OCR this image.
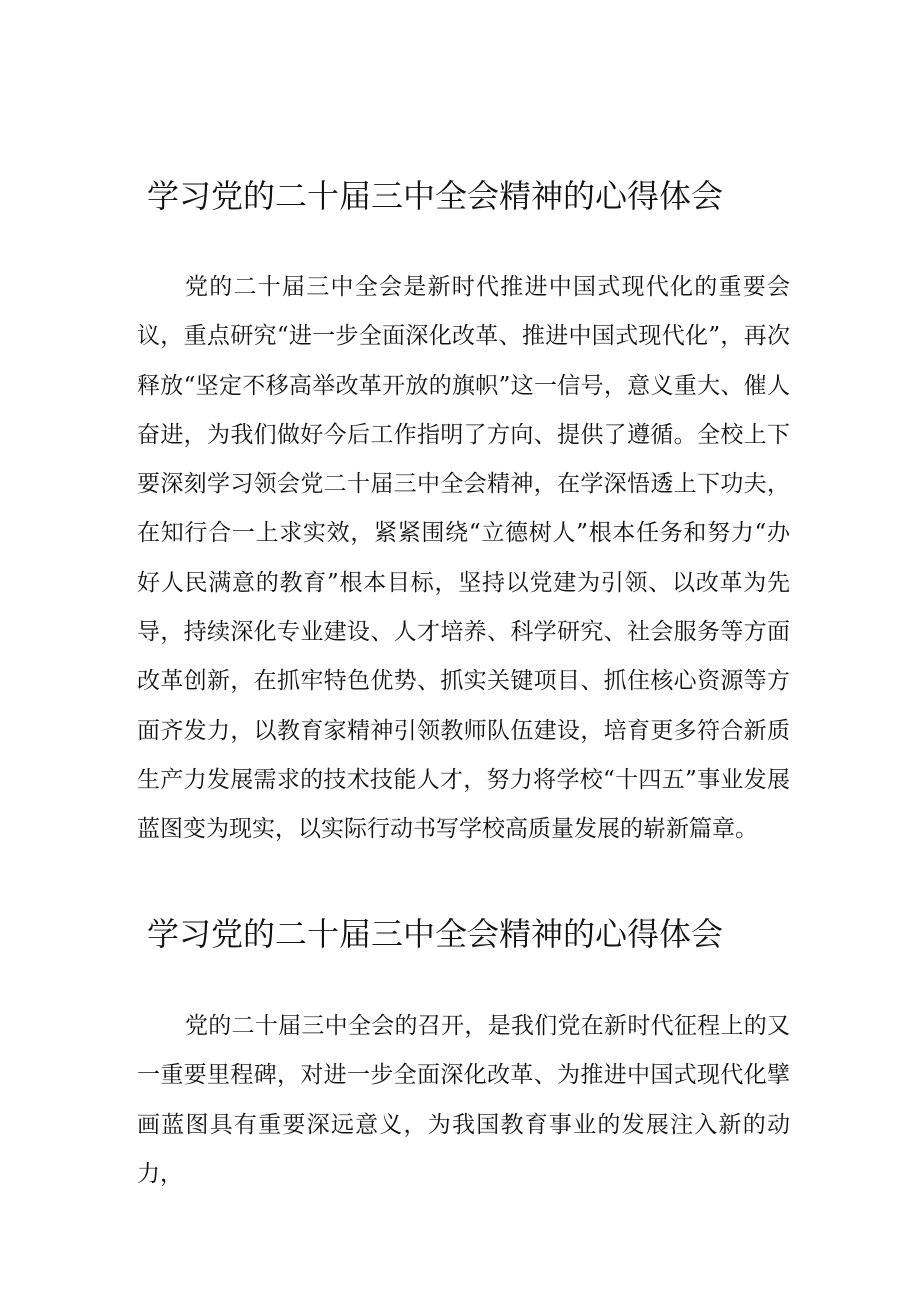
学习党的二十届三中全会精神的心得体会

党的二十届三中全会是新时代推进中国式现代化的重要会议，重点研究“进一步全面深化改革、推进中国式现代化”，再次释放“坚定不移高举改革开放的旗帜”这一信号，意义重大、催人奋进，为我们做好今后工作指明了方向、提供了遵循。全校上下要深刻学习领会党二十届三中全会精神，在学深悟透上下功夫，在知行合一上求实效，紧紧围绕“立德树人”根本任务和努力“办好人民满意的教育”根本目标，坚持以党建为引领、以改革为先导，持续深化专业建设、人才培养、科学研究、社会服务等方面改革创新，在抓牢特色优势、抓实关键项目、抓住核心资源等方面齐发力，以教育家精神引领教师队伍建设，培育更多符合新质生产力发展需求的技术技能人才，努力将学校“十四五”事业发展蓝图变为现实，以实际行动书写学校高质量发展的崭新篇章。

学习党的二十届三中全会精神的心得体会

党的二十届三中全会的召开，是我们党在新时代征程上的又一重要里程碑，对进一步全面深化改革、为推进中国式现代化擘画蓝图具有重要深远意义，为我国教育事业的发展注入新的动力，
